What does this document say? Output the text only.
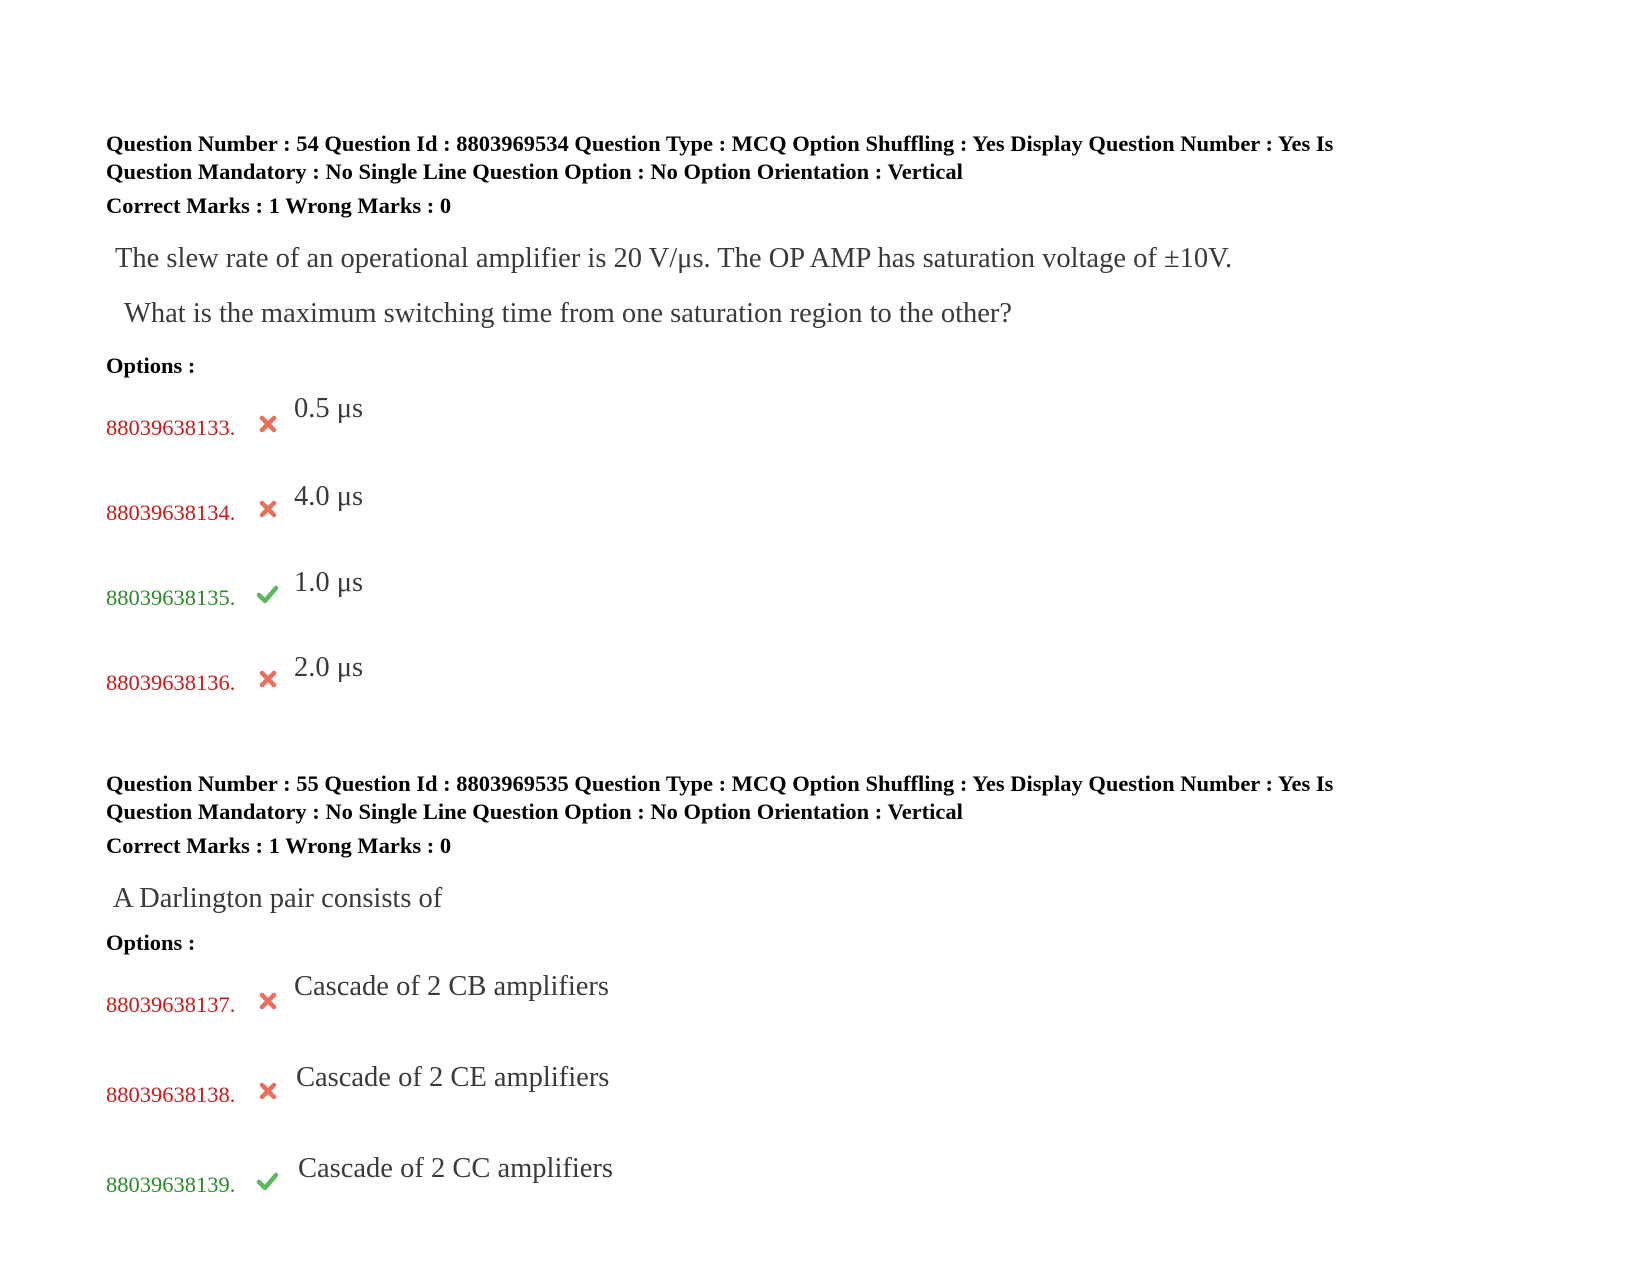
Question Number : 54 Question Id : 8803969534 Question Type : MCQ Option Shuffling : Yes Display Question Number : Yes Is
Question Mandatory : No Single Line Question Option : No Option Orientation : Vertical
Correct Marks : 1 Wrong Marks : 0
The slew rate of an operational amplifier is 20 V/μs. The OP AMP has saturation voltage of ±10V.
What is the maximum switching time from one saturation region to the other?
Options :
88039638133.
0.5 μs
88039638134.
4.0 μs
88039638135. 1.0 μs
88039638136. 2.0 μs
Question Number : 55 Question Id : 8803969535 Question Type : MCQ Option Shuffling : Yes Display Question Number : Yes Is
Question Mandatory : No Single Line Question Option : No Option Orientation : Vertical
Correct Marks : 1 Wrong Marks : 0
A Darlington pair consists of
Options :
88039638137.
Cascade of 2 CB amplifiers
88039638138.
Cascade of 2 CE amplifiers
88039638139.
Cascade of 2 CC amplifiers
